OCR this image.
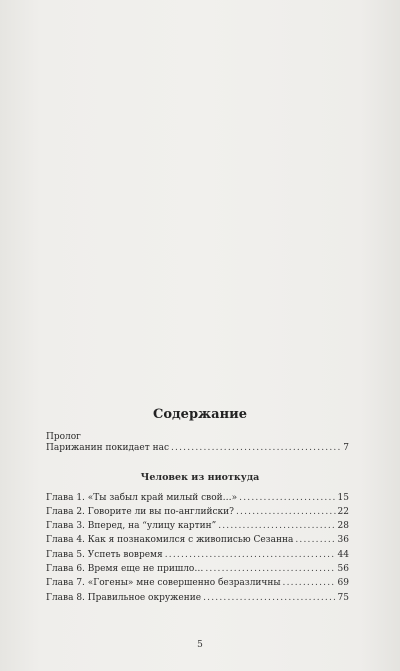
Содержание
Пролог
Парижанин покидает нас .....	7
Человек из ниоткуда
Глава 1. «Ты забыл край милый свой…» .....	15
Глава 2. Говорите ли вы по-английски? .....	22
Глава 3. Вперед, на “улицу картин” .....	28
Глава 4. Как я познакомился с живописью Сезанна .....	36
Глава 5. Успеть вовремя .....	44
Глава 6. Время еще не пришло… .....	56
Глава 7. «Гогены» мне совершенно безразличны .....	69
Глава 8. Правильное окружение .....	75
5
